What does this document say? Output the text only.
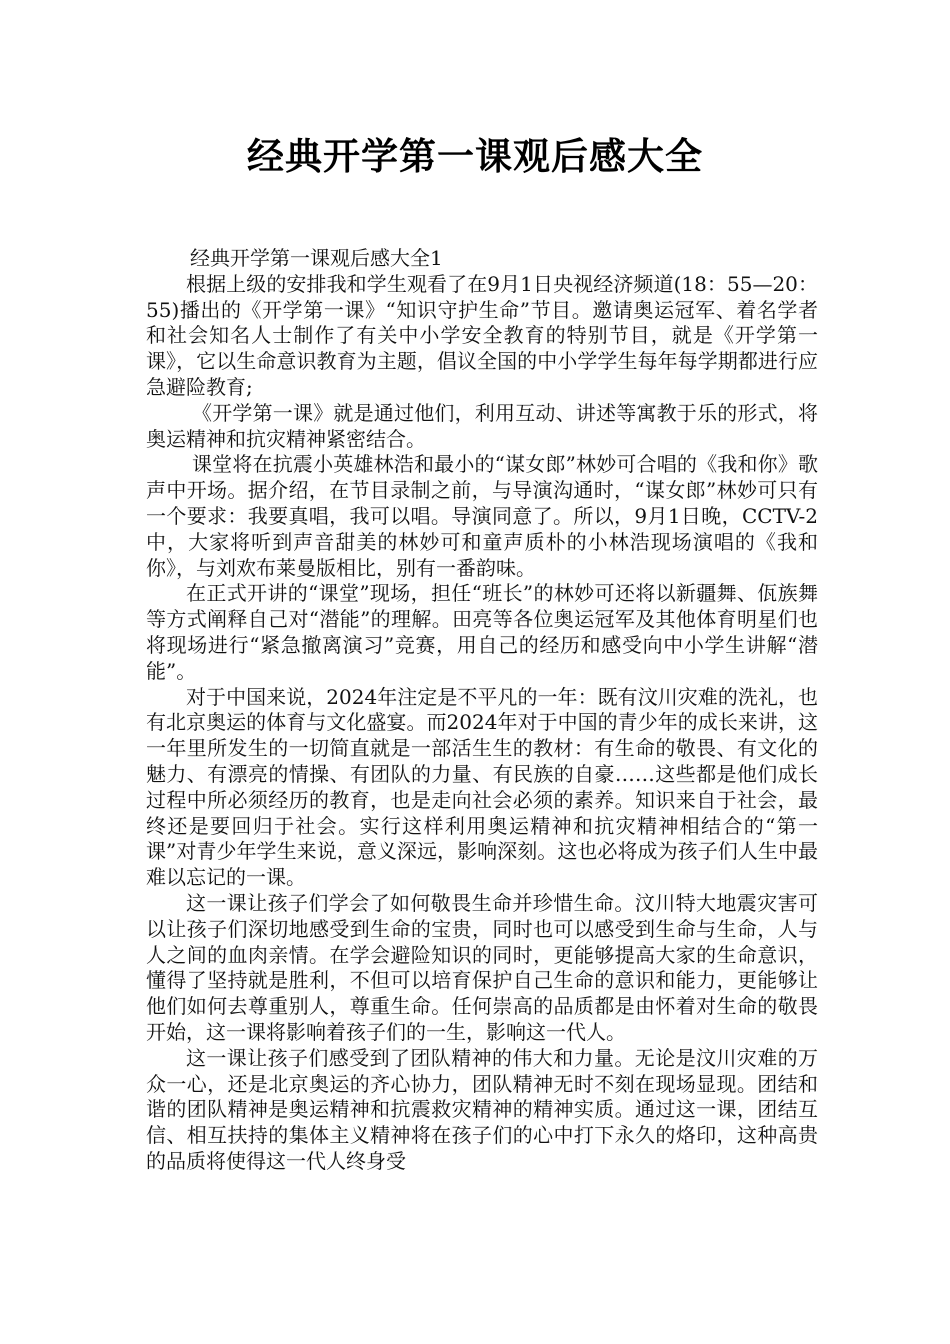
经典开学第一课观后感大全

经典开学第一课观后感大全1

根据上级的安排我和学生观看了在9月1日央视经济频道(18：55—20：55)播出的《开学第一课》“知识守护生命”节目。邀请奥运冠军、着名学者和社会知名人士制作了有关中小学安全教育的特别节目，就是《开学第一课》，它以生命意识教育为主题，倡议全国的中小学学生每年每学期都进行应急避险教育;

《开学第一课》就是通过他们，利用互动、讲述等寓教于乐的形式，将奥运精神和抗灾精神紧密结合。

课堂将在抗震小英雄林浩和最小的“谋女郎”林妙可合唱的《我和你》歌声中开场。据介绍，在节目录制之前，与导演沟通时，“谋女郎”林妙可只有一个要求：我要真唱，我可以唱。导演同意了。所以，9月1日晚，CCTV-2中，大家将听到声音甜美的林妙可和童声质朴的小林浩现场演唱的《我和你》，与刘欢布莱曼版相比，别有一番韵味。

在正式开讲的“课堂”现场，担任“班长”的林妙可还将以新疆舞、佤族舞等方式阐释自己对“潜能”的理解。田亮等各位奥运冠军及其他体育明星们也将现场进行“紧急撤离演习”竞赛，用自己的经历和感受向中小学生讲解“潜能”。

对于中国来说，2024年注定是不平凡的一年：既有汶川灾难的洗礼，也有北京奥运的体育与文化盛宴。而2024年对于中国的青少年的成长来讲，这一年里所发生的一切简直就是一部活生生的教材：有生命的敬畏、有文化的魅力、有漂亮的情操、有团队的力量、有民族的自豪……这些都是他们成长过程中所必须经历的教育，也是走向社会必须的素养。知识来自于社会，最终还是要回归于社会。实行这样利用奥运精神和抗灾精神相结合的“第一课”对青少年学生来说，意义深远，影响深刻。这也必将成为孩子们人生中最难以忘记的一课。

这一课让孩子们学会了如何敬畏生命并珍惜生命。汶川特大地震灾害可以让孩子们深切地感受到生命的宝贵，同时也可以感受到生命与生命，人与人之间的血肉亲情。在学会避险知识的同时，更能够提高大家的生命意识，懂得了坚持就是胜利，不但可以培育保护自己生命的意识和能力，更能够让他们如何去尊重别人，尊重生命。任何崇高的品质都是由怀着对生命的敬畏开始，这一课将影响着孩子们的一生，影响这一代人。

这一课让孩子们感受到了团队精神的伟大和力量。无论是汶川灾难的万众一心，还是北京奥运的齐心协力，团队精神无时不刻在现场显现。团结和谐的团队精神是奥运精神和抗震救灾精神的精神实质。通过这一课，团结互信、相互扶持的集体主义精神将在孩子们的心中打下永久的烙印，这种高贵的品质将使得这一代人终身受
